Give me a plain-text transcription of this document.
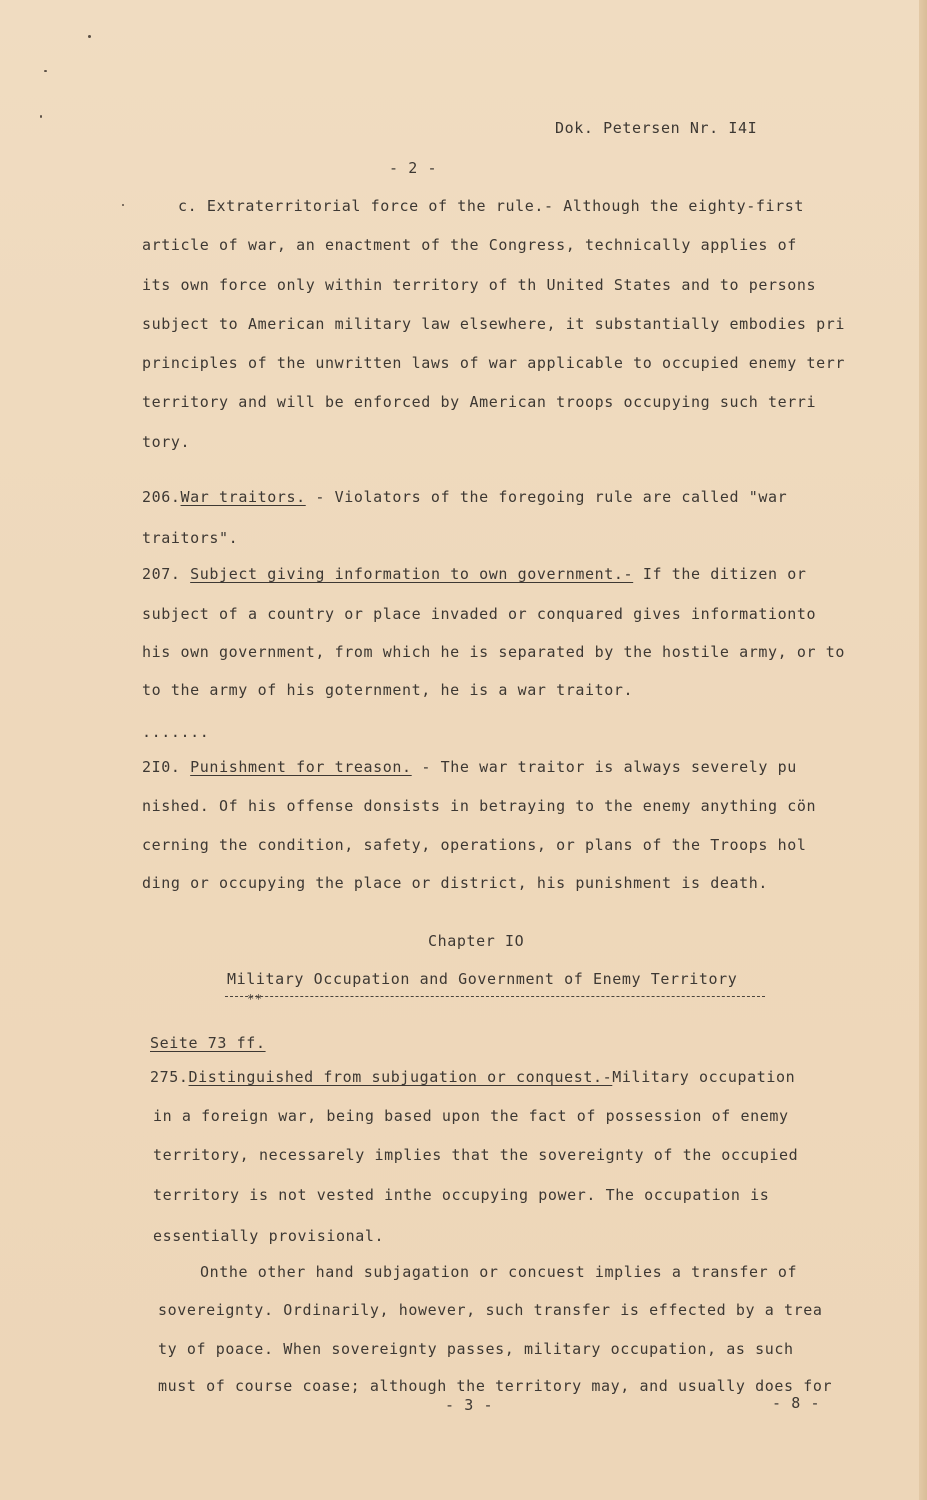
Dok. Petersen Nr. I4I
- 2 -
c. Extraterritorial force of the rule.- Although the eighty-first
article of war, an enactment of the Congress, technically applies of
its own force only within territory of th United States and to persons
subject to American military law elsewhere, it substantially embodies pri
principles of the unwritten laws of war applicable to occupied enemy terr
territory and will be enforced by American troops occupying such terri
tory.
206.War traitors. - Violators of the foregoing rule are called "war
traitors".
207. Subject giving information to own government.- If the ditizen or
subject of a country or place invaded or conquared gives informationto
his own government, from which he is separated by the hostile army, or to
to the army of his goternment, he is a war traitor.
.......
2I0. Punishment for treason. - The war traitor is always severely pu
nished. Of his offense donsists in betraying to the enemy anything cön
cerning the condition, safety, operations, or plans of the Troops hol
ding or occupying the place or district, his punishment is death.
Chapter IO
Military Occupation and Government of Enemy Territory
**
Seite 73 ff.
275.Distinguished from subjugation or conquest.-Military occupation
in a foreign war, being based upon the fact of possession of enemy
territory, necessarely implies that the sovereignty of the occupied
territory is not vested inthe occupying power. The occupation is
essentially provisional.
Onthe other hand subjagation or concuest implies a transfer of
sovereignty. Ordinarily, however, such transfer is effected by a trea
ty of poace. When sovereignty passes, military occupation, as such
must of course coase; although the territory may, and usually does for
- 3 -	- 8 -
